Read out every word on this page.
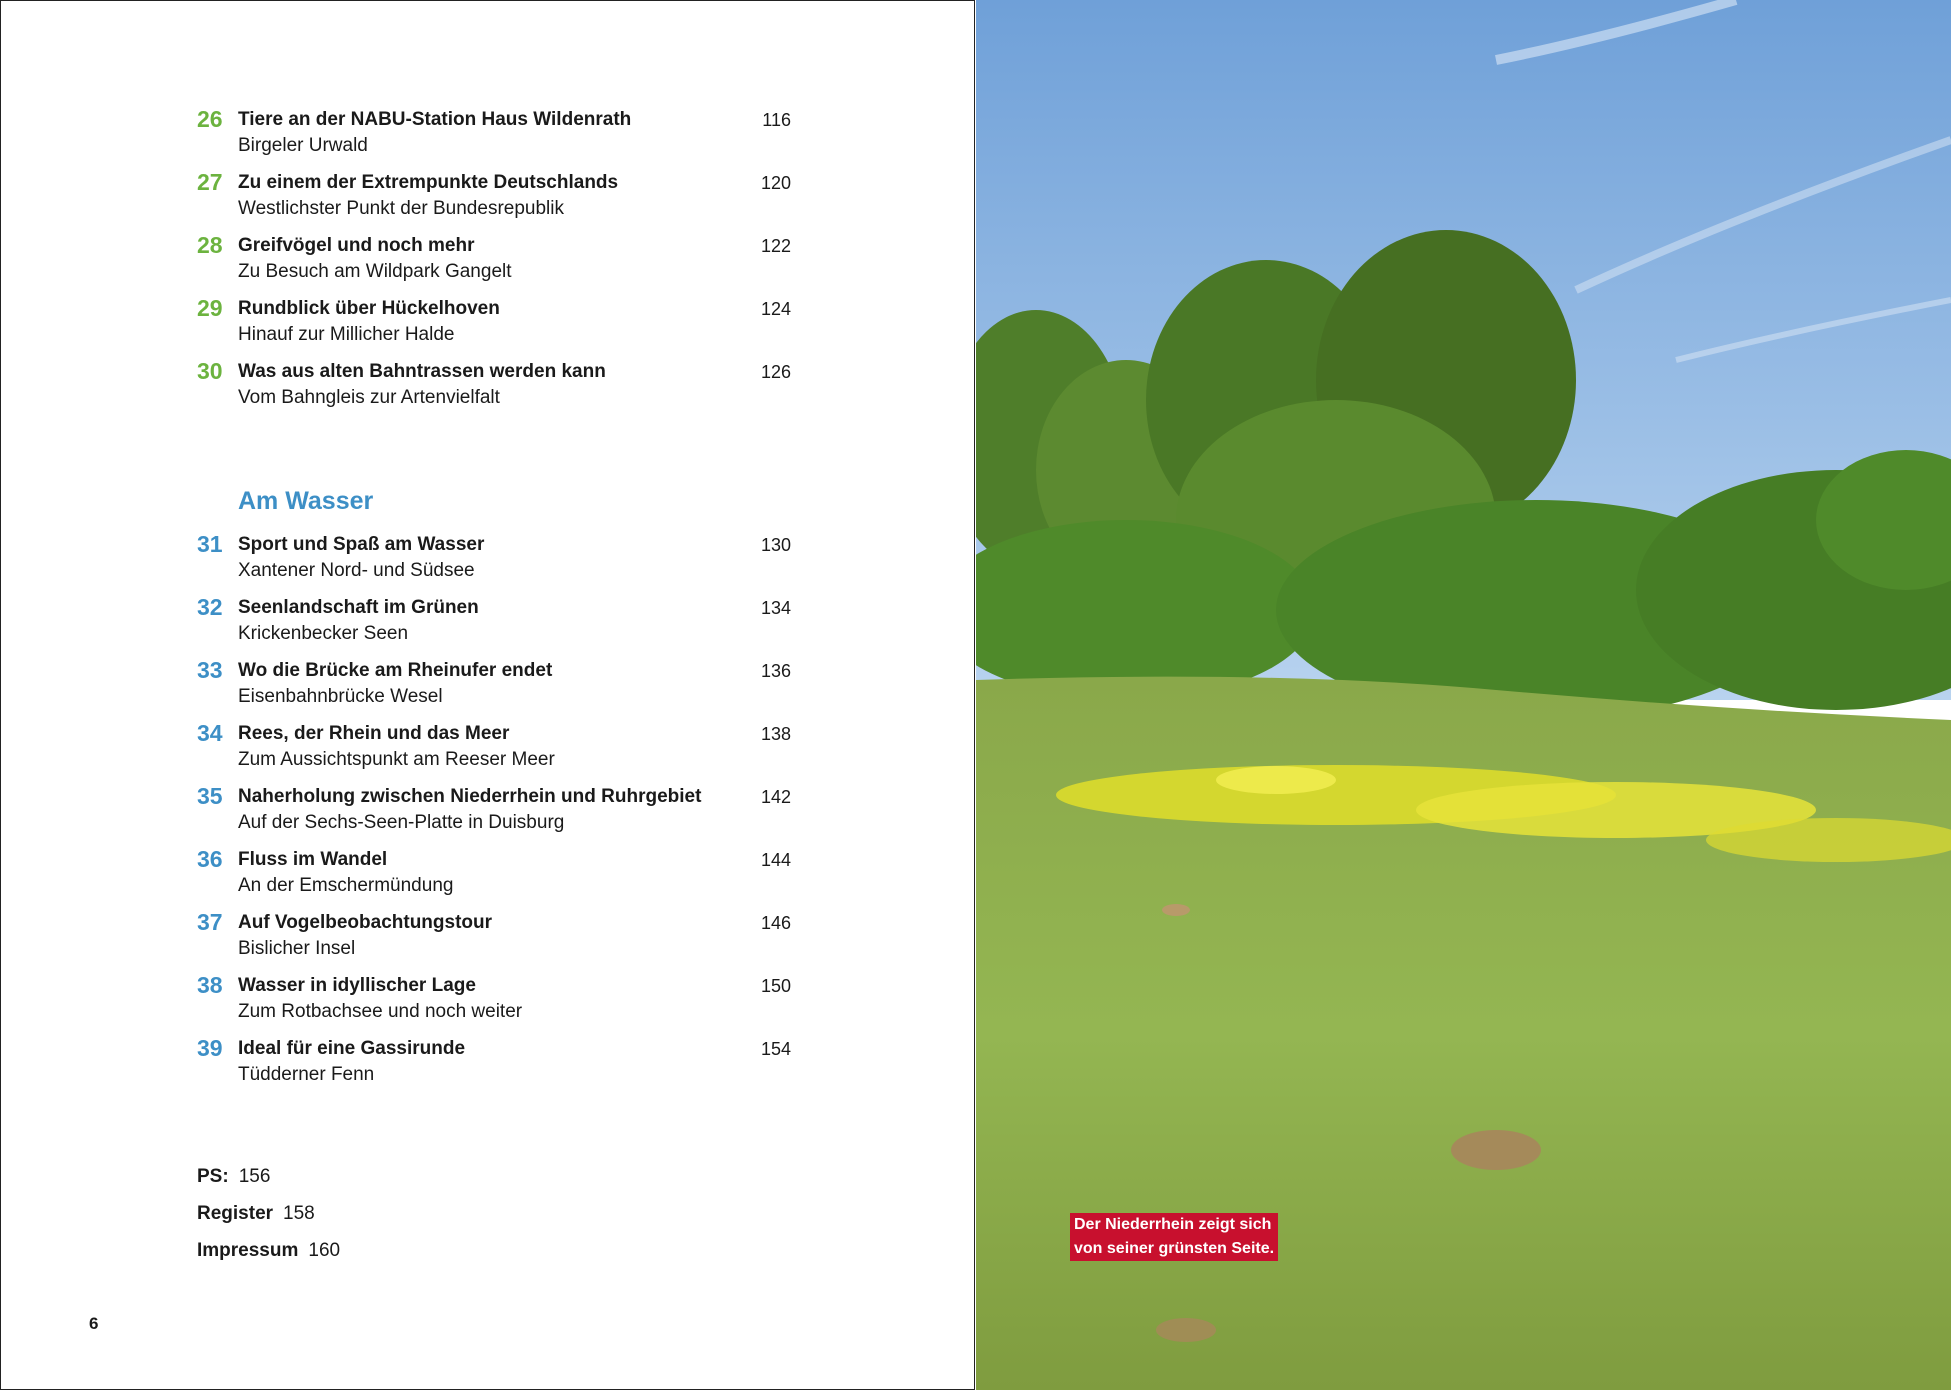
26 Tiere an der NABU-Station Haus Wildenrath
Birgeler Urwald
116
27 Zu einem der Extrempunkte Deutschlands
Westlichster Punkt der Bundesrepublik
120
28 Greifvögel und noch mehr
Zu Besuch am Wildpark Gangelt
122
29 Rundblick über Hückelhoven
Hinauf zur Millicher Halde
124
30 Was aus alten Bahntrassen werden kann
Vom Bahngleis zur Artenvielfalt
126
Am Wasser
31 Sport und Spaß am Wasser
Xantener Nord- und Südsee
130
32 Seenlandschaft im Grünen
Krickenbecker Seen
134
33 Wo die Brücke am Rheinufer endet
Eisenbahnbrücke Wesel
136
34 Rees, der Rhein und das Meer
Zum Aussichtspunkt am Reeser Meer
138
35 Naherholung zwischen Niederrhein und Ruhrgebiet
Auf der Sechs-Seen-Platte in Duisburg
142
36 Fluss im Wandel
An der Emschermündung
144
37 Auf Vogelbeobachtungstour
Bislicher Insel
146
38 Wasser in idyllischer Lage
Zum Rotbachsee und noch weiter
150
39 Ideal für eine Gassirunde
Tüdderner Fenn
154
PS: 156
Register 158
Impressum 160
6
Der Niederrhein zeigt sich
von seiner grünsten Seite.
